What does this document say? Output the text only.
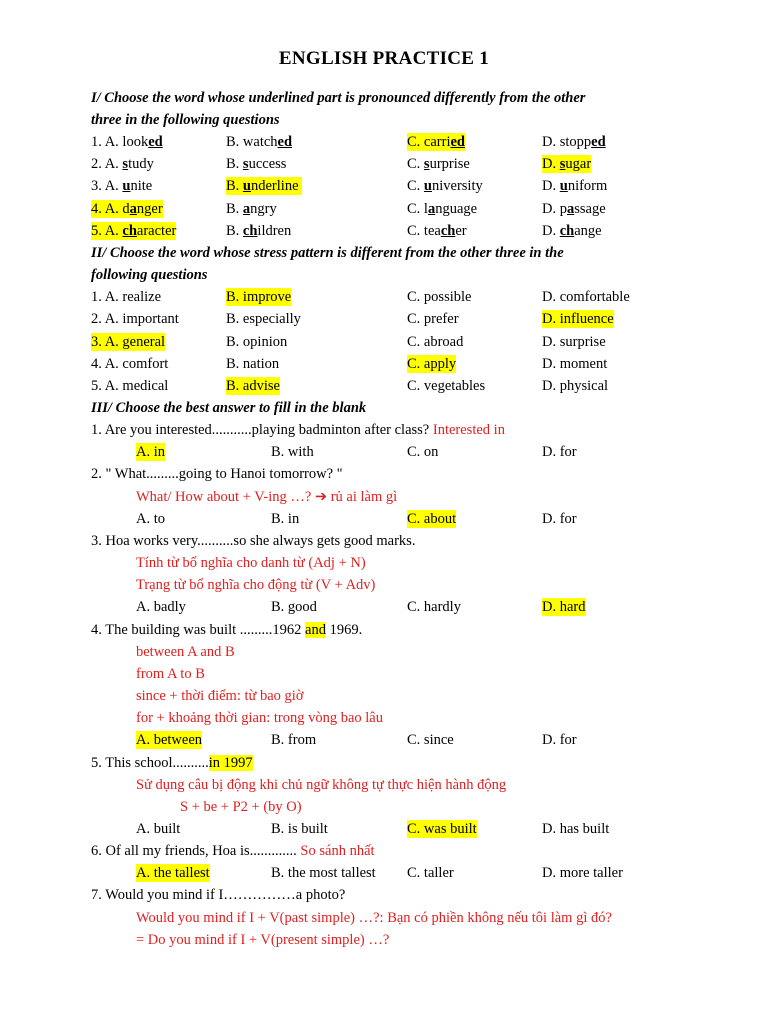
ENGLISH PRACTICE 1
I/ Choose the word whose underlined part is pronounced differently from the other
three in the following questions
1. A. looked	B. watched	C. carried	D. stopped
2. A. study	B. success	C. surprise	D. sugar
3. A. unite	B. underline	C. university	D. uniform
4. A. danger	B. angry	C. language	D. passage
5. A. character	B. children	C. teacher	D. change
II/ Choose the word whose stress pattern is different from the other three in the
following questions
1. A. realize	B. improve	C. possible	D. comfortable
2. A. important	B. especially	C. prefer	D. influence
3. A. general	B. opinion	C. abroad	D. surprise
4. A. comfort	B. nation	C. apply	D. moment
5. A. medical	B. advise	C. vegetables	D. physical
III/ Choose the best answer to fill in the blank
1. Are you interested...........playing badminton after class? Interested in
A. in	B. with	C. on	D. for
2. " What.........going to Hanoi tomorrow? "
What/ How about + V-ing …? ➔ rủ ai làm gì
A. to	B. in	C. about	D. for
3. Hoa works very..........so she always gets good marks.
Tính từ bổ nghĩa cho danh từ (Adj + N)
Trạng từ bổ nghĩa cho động từ (V + Adv)
A. badly	B. good	C. hardly	D. hard
4. The building was built .........1962 and 1969.
between A and B
from A to B
since + thời điểm: từ bao giờ
for + khoảng thời gian: trong vòng bao lâu
A. between	B. from	C. since	D. for
5. This school..........in 1997
Sử dụng câu bị động khi chủ ngữ không tự thực hiện hành động
S + be + P2 + (by O)
A. built	B. is built	C. was built	D. has built
6. Of all my friends, Hoa is............. So sánh nhất
A. the tallest	B. the most tallest C. taller	D. more taller
7. Would you mind if I……………a photo?
Would you mind if I + V(past simple) …?: Bạn có phiền không nếu tôi làm gì đó?
= Do you mind if I + V(present simple) …?
